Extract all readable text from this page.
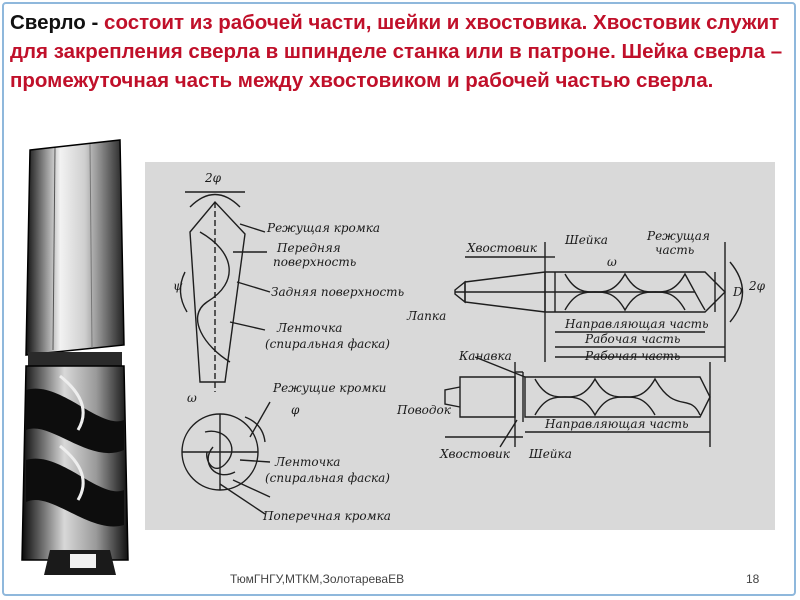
Сверло - состоит из рабочей части, шейки и хвостовика. Хвостовик служит для закрепления сверла в шпинделе станка или в патроне. Шейка сверла – промежуточная часть между хвостовиком и рабочей частью сверла.

2φ
Режущая кромка
Передняя
поверхность
Задняя поверхность
Ленточка
(спиральная фаска)
ψ
ω
Режущие кромки
φ
Ленточка
(спиральная фаска)
Поперечная кромка
Хвостовик
Шейка	Режущая
часть
Лапка
ω
D 2φ
Направляющая часть
Рабочая часть
Канавка	Рабочая часть
Поводок
Направляющая часть
Хвостовик Шейка
ТюмГНГУ,МТКМ,ЗолотареваЕВ	18
